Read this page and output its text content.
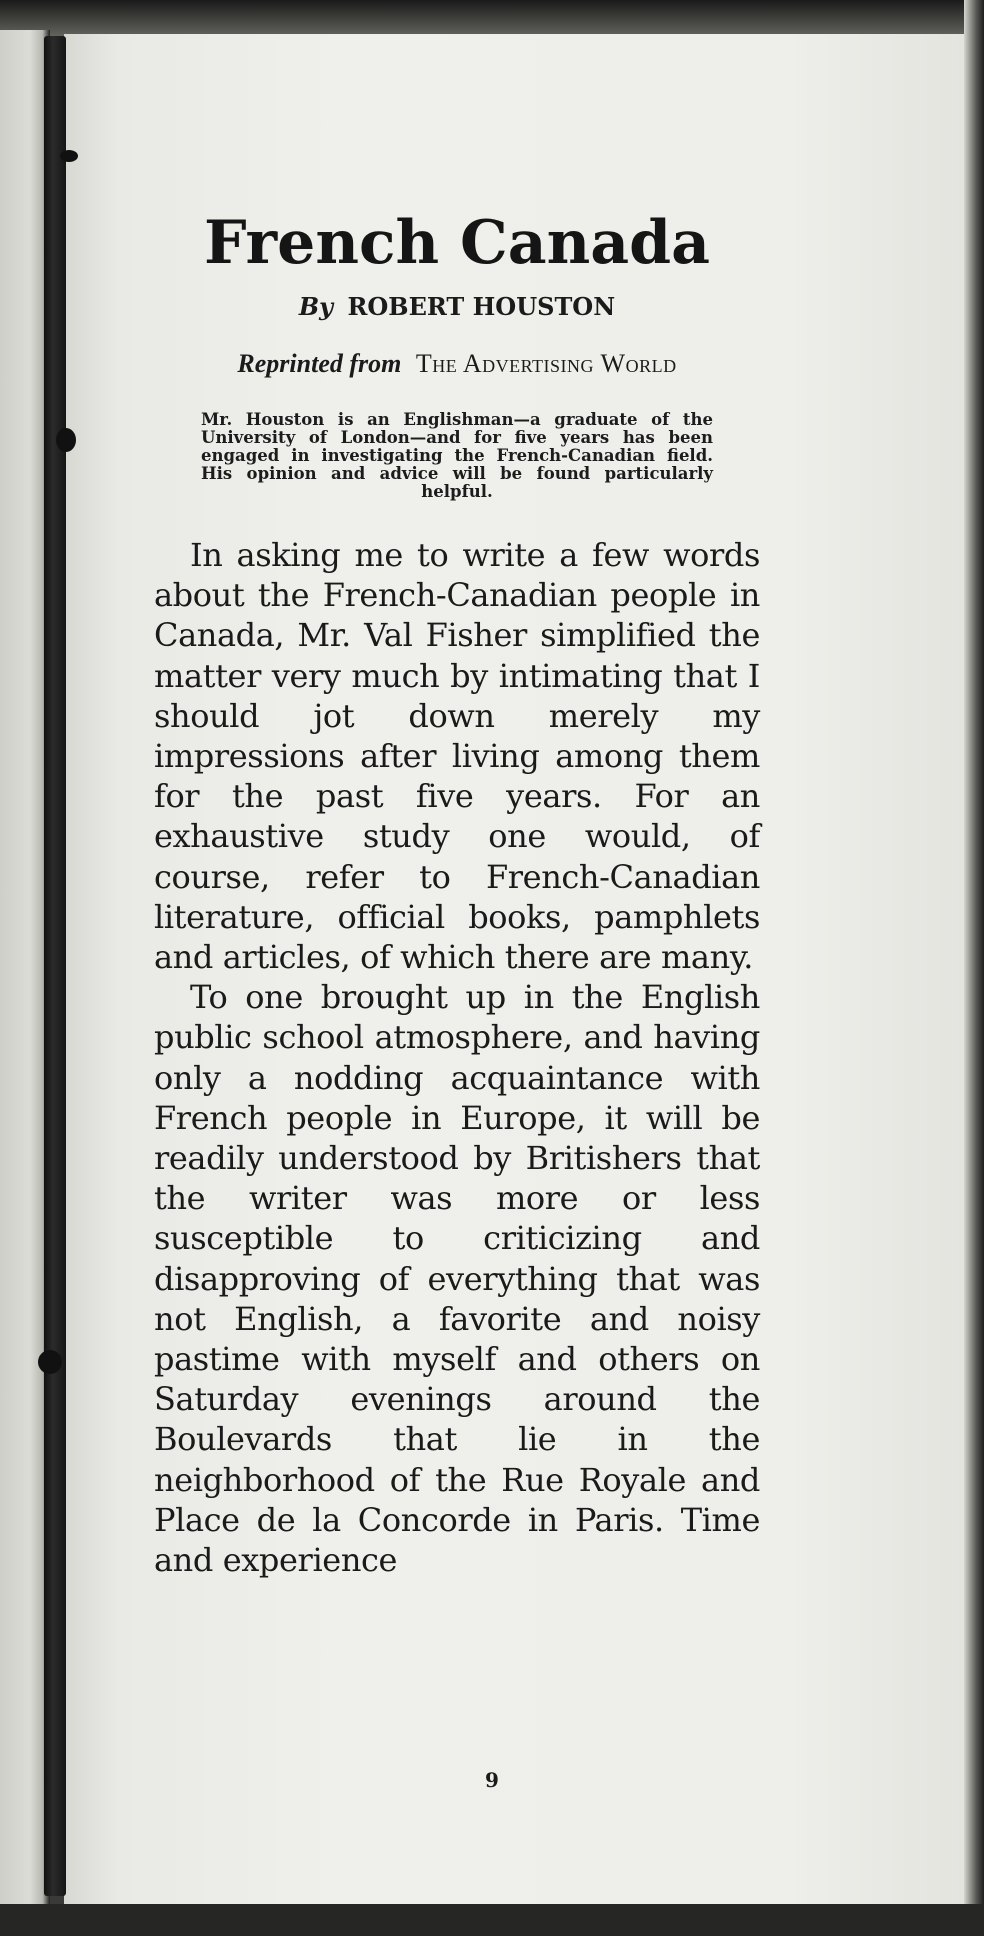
French Canada
By ROBERT HOUSTON
Reprinted from The Advertising World
Mr. Houston is an Englishman—a graduate of the University of London—and for five years has been engaged in investigating the French-Canadian field. His opinion and advice will be found particularly helpful.

In asking me to write a few words about the French-Canadian people in Canada, Mr. Val Fisher simplified the matter very much by intimating that I should jot down merely my impressions after living among them for the past five years. For an exhaustive study one would, of course, refer to French-Canadian literature, official books, pamphlets and articles, of which there are many.

To one brought up in the English public school atmosphere, and having only a nodding acquaintance with French people in Europe, it will be readily understood by Britishers that the writer was more or less susceptible to criticizing and disapproving of everything that was not English, a favorite and noisy pastime with myself and others on Saturday evenings around the Boulevards that lie in the neighborhood of the Rue Royale and Place de la Concorde in Paris. Time and experience

9
